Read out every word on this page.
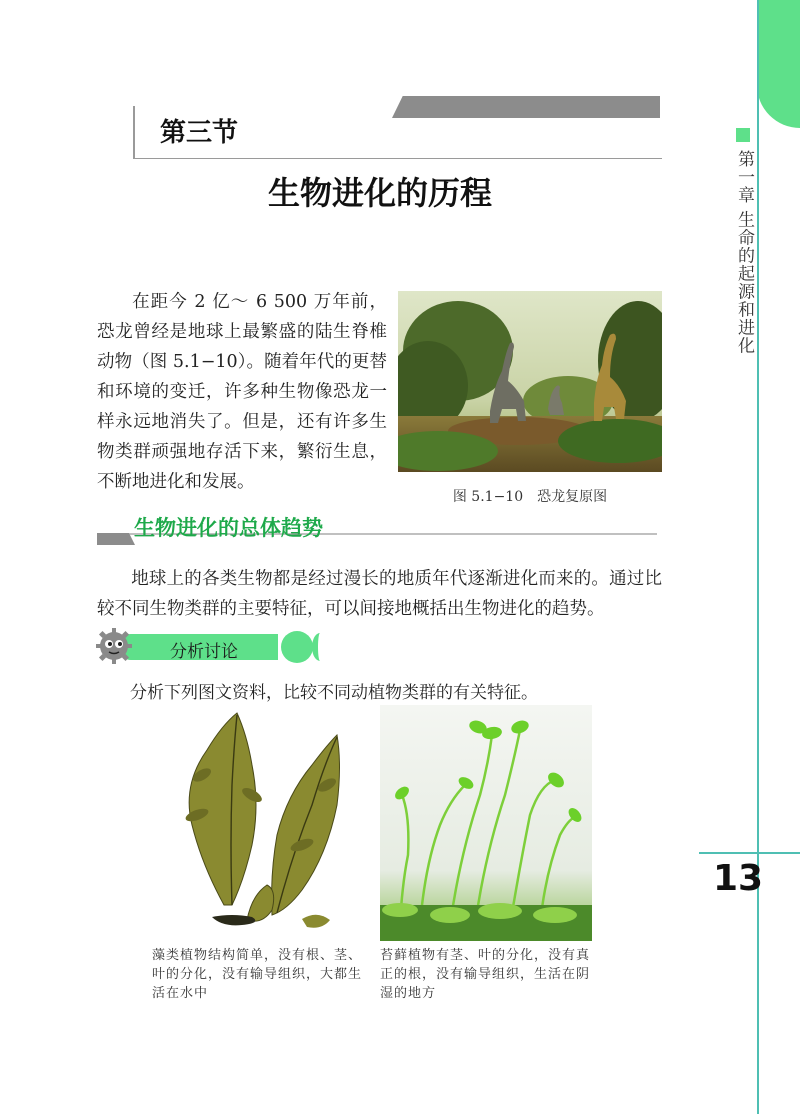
第一章 生命的起源和进化
13
第三节
生物进化的历程
在距今 2 亿～ 6 500 万年前，恐龙曾经是地球上最繁盛的陆生脊椎动物（图 5.1−10）。随着年代的更替和环境的变迁，许多种生物像恐龙一样永远地消失了。但是，还有许多生物类群顽强地存活下来，繁衍生息，不断地进化和发展。
图 5.1−10　恐龙复原图
生物进化的总体趋势
地球上的各类生物都是经过漫长的地质年代逐渐进化而来的。通过比较不同生物类群的主要特征，可以间接地概括出生物进化的趋势。
分析讨论
分析下列图文资料，比较不同动植物类群的有关特征。
藻类植物结构简单，没有根、茎、叶的分化，没有输导组织，大都生活在水中
苔藓植物有茎、叶的分化，没有真正的根，没有输导组织，生活在阴湿的地方
